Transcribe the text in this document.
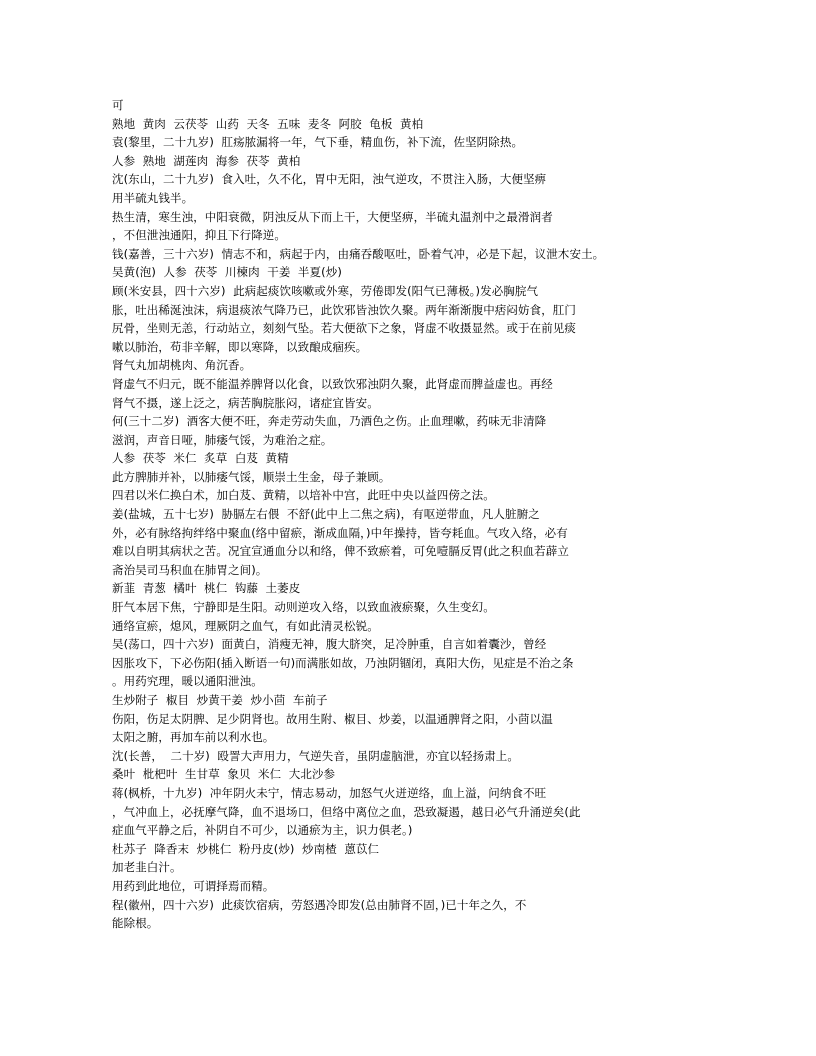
可

熟地  黄肉  云茯苓  山药  天冬  五味  麦冬  阿胶  龟板  黄柏

袁(黎里，二十九岁)  肛疡脓漏将一年，气下垂，精血伤，补下流，佐坚阴除热。

人参  熟地  湖莲肉  海参  茯苓  黄柏

沈(东山，二十九岁)  食入吐，久不化，胃中无阳，浊气逆攻，不贯注入肠，大便坚痹

用半硫丸钱半。

热生清，寒生浊，中阳衰微，阴浊反从下而上干，大便坚痹，半硫丸温剂中之最滑润者

，不但泄浊通阳，抑且下行降逆。

钱(嘉善，三十六岁)  情志不和，病起于内，由痛吞酸呕吐，卧着气冲，必是下起，议泄木安土。

吴黄(泡)  人参  茯苓  川楝肉  干姜  半夏(炒)

顾(米安县，四十六岁)  此病起痰饮咳嗽或外寒，劳倦即发(阳气已薄极。)发必胸脘气

胀，吐出稀涎浊沫，病退痰浓气降乃已，此饮邪皆浊饮久聚。两年渐渐腹中痞闷妨食，肛门

尻骨，坐则无恙，行动站立，刻刻气坠。若大便欲下之象，肾虚不收摄显然。或于在前见痰

嗽以肺治，苟非辛解，即以寒降，以致酿成痼疾。

肾气丸加胡桃肉、角沉香。

肾虚气不归元，既不能温养脾肾以化食，以致饮邪浊阴久聚，此肾虚而脾益虚也。再经

肾气不摄，遂上泛之，病苦胸脘胀闷，诸症宜皆安。

何(三十二岁)  酒客大便不旺，奔走劳动失血，乃酒色之伤。止血理嗽，药味无非清降

滋润，声音日哑，肺痿气馁，为难治之症。

人参  茯苓  米仁  炙草  白芨  黄精

此方脾肺并补，以肺痿气馁，顺崇土生金，母子兼顾。

四君以米仁换白术，加白芨、黄精，以培补中宫，此旺中央以益四傍之法。

姜(盐城，五十七岁)  胁膈左右偎  不舒(此中上二焦之病)，有呕逆带血，凡人脏腑之

外，必有脉络拘绊络中聚血(络中留瘀，渐成血隔，)中年操持，皆夸耗血。气攻入络，必有

难以自明其病状之苦。况宜宣通血分以和络，俾不致瘀着，可免噎膈反胃(此之积血若薜立

斋治吴司马积血在肺胃之间)。

新韮  青葱  橘叶  桃仁  钩藤  土萎皮

肝气本居下焦，宁静即是生阳。动则逆攻入络，以致血液瘀聚，久生变幻。

通络宣瘀，熄风，理厥阴之血气，有如此清灵松锐。

吴(荡口，四十六岁)  面黄白，消瘦无神，腹大脐突，足冷肿重，自言如着囊沙，曾经

因胀攻下，下必伤阳(插入断语一句)而满胀如故，乃浊阴锢闭，真阳大伤，见症是不治之条

。用药究理，暖以通阳泄浊。

生炒附子  椒目  炒黄干姜  炒小茴  车前子

伤阳，伤足太阴脾、足少阴肾也。故用生附、椒目、炒姜，以温通脾肾之阳，小茴以温

太阳之腑，再加车前以利水也。

沈(长善，  二十岁)  殴詈大声用力，气逆失音，虽阴虚脑泄，亦宜以轻扬肃上。

桑叶  枇杷叶  生甘草  象贝  米仁  大北沙参

蒋(枫桥，十九岁)  冲年阴火未宁，情志易动，加怒气火迸逆络，血上溢，问纳食不旺

，气冲血上，必抚摩气降，血不退场口，但络中离位之血，恐致凝遏，越日必气升涌逆矣(此

症血气平静之后，补阴自不可少，以通瘀为主，识力俱老。)

杜苏子  降香末  炒桃仁  粉丹皮(炒)  炒南楂  蒽苡仁

加老韭白汁。

用药到此地位，可谓择焉而精。

程(徽州，四十六岁)  此痰饮宿病，劳怒遇冷即发(总由肺肾不固，)已十年之久，不

能除根。
